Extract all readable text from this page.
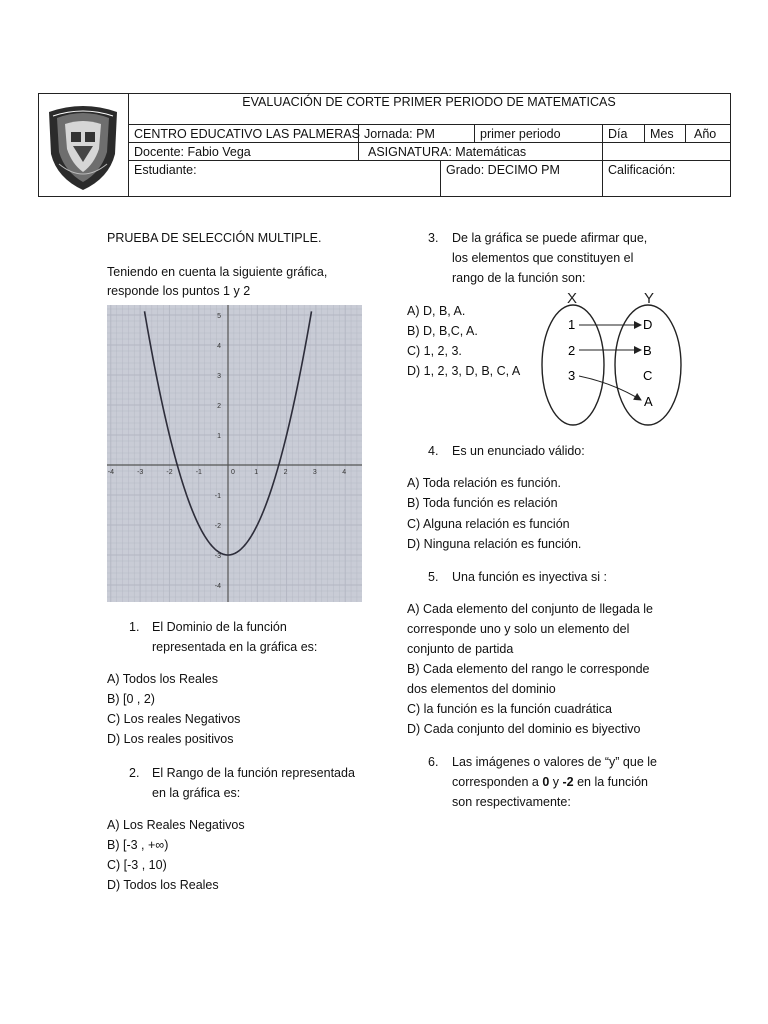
EVALUACIÓN DE CORTE PRIMER PERIODO DE MATEMATICAS
CENTRO EDUCATIVO LAS PALMERAS Jornada: PM	primer periodo	Día Mes Año
Docente: Fabio Vega	ASIGNATURA: Matemáticas
Estudiante:	Grado: DECIMO PM	Calificación:
PRUEBA DE SELECCIÓN MULTIPLE.
Teniendo en cuenta la siguiente gráfica,
responde los puntos 1 y 2
-4	-3	-2	-1	0	1	2	3	4
5
4
3
2
1
-1
-2
-3
-4
1. El Dominio de la función
representada en la gráfica es:
A) Todos los Reales
B) [0 , 2)
C) Los reales Negativos
D) Los reales positivos
2. El Rango de la función representada
en la gráfica es:
A) Los Reales Negativos
B) [-3 , +∞)
C) [-3 , 10)
D) Todos los Reales
3. De la gráfica se puede afirmar que,
los elementos que constituyen el
rango de la función son:
A) D, B, A.
B) D, B,C, A.
C) 1, 2, 3.
D) 1, 2, 3, D, B, C, A
X	Y
1
2
3
D
B
C
A
4. Es un enunciado válido:
A) Toda relación es función.
B) Toda función es relación
C) Alguna relación es función
D) Ninguna relación es función.
5. Una función es inyectiva si :
A) Cada elemento del conjunto de llegada le
corresponde uno y solo un elemento del
conjunto de partida
B) Cada elemento del rango le corresponde
dos elementos del dominio
C) la función es la función cuadrática
D) Cada conjunto del dominio es biyectivo
6. Las imágenes o valores de “y” que le
corresponden a 0 y -2 en la función
son respectivamente:
